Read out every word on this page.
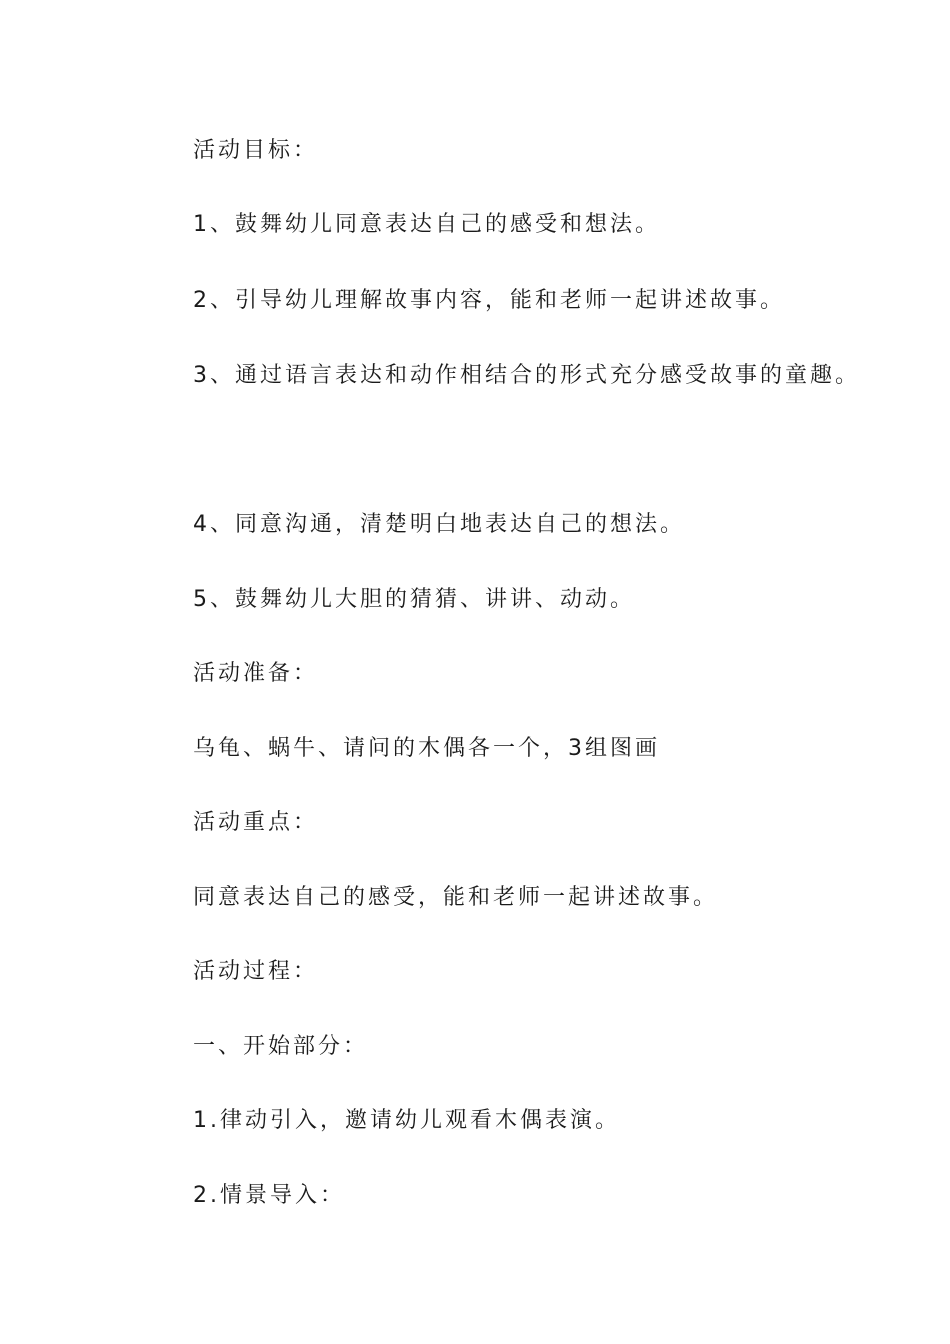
活动目标：
1、鼓舞幼儿同意表达自己的感受和想法。
2、引导幼儿理解故事内容，能和老师一起讲述故事。
3、通过语言表达和动作相结合的形式充分感受故事的童趣。
4、同意沟通，清楚明白地表达自己的想法。
5、鼓舞幼儿大胆的猜猜、讲讲、动动。
活动准备：
乌龟、蜗牛、请问的木偶各一个，3组图画
活动重点：
同意表达自己的感受，能和老师一起讲述故事。
活动过程：
一、开始部分：
1.律动引入，邀请幼儿观看木偶表演。
2.情景导入：
